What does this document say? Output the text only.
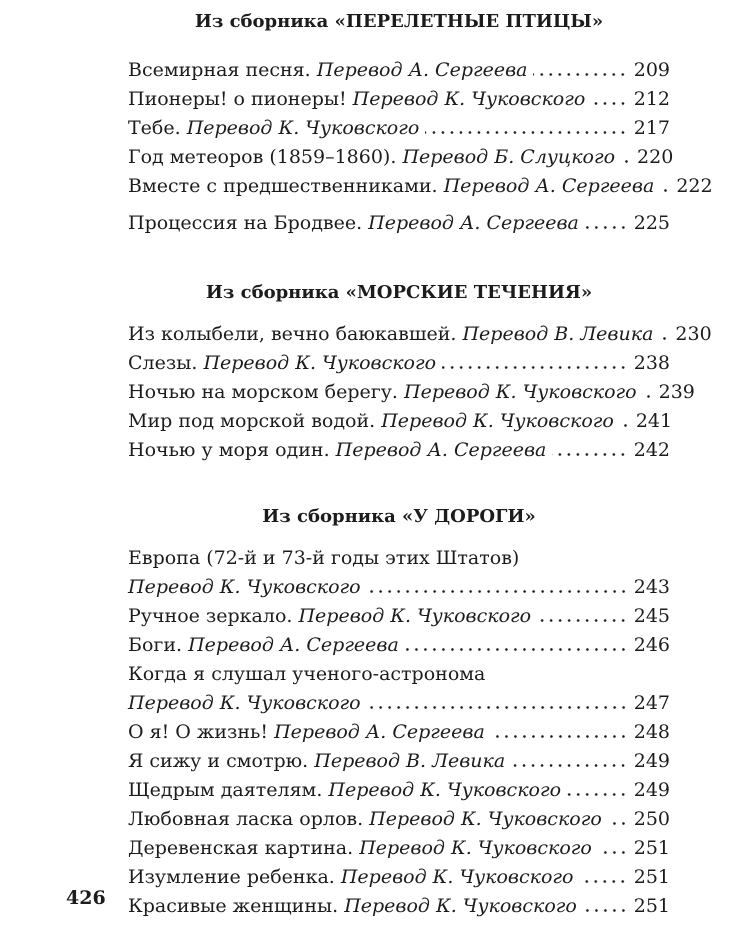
Из сборника «ПЕРЕЛЕТНЫЕ ПТИЦЫ»
Всемирная песня. Перевод А. Сергеева	209
Пионеры! о пионеры! Перевод К. Чуковского	212
Тебе. Перевод К. Чуковского	217
Год метеоров (1859–1860). Перевод Б. Слуцкого 220
Вместе с предшественниками. Перевод А. Сергеева 222
Процессия на Бродвее. Перевод А. Сергеева	225
Из сборника «МОРСКИЕ ТЕЧЕНИЯ»
Из колыбели, вечно баюкавшей. Перевод В. Левика 230
Слезы. Перевод К. Чуковского	238
Ночью на морском берегу. Перевод К. Чуковского 239
Мир под морской водой. Перевод К. Чуковского 241
Ночью у моря один. Перевод А. Сергеева	242
Из сборника «У ДОРОГИ»
Европа (72-й и 73-й годы этих Штатов)
Перевод К. Чуковского	243
Ручное зеркало. Перевод К. Чуковского	245
Боги. Перевод А. Сергеева	246
Когда я слушал ученого-астронома
Перевод К. Чуковского	247
О я! О жизнь! Перевод А. Сергеева	248
Я сижу и смотрю. Перевод В. Левика	249
Щедрым даятелям. Перевод К. Чуковского	249
Любовная ласка орлов. Перевод К. Чуковского 250
Деревенская картина. Перевод К. Чуковского 251
Изумление ребенка. Перевод К. Чуковского	251
Красивые женщины. Перевод К. Чуковского	251
426
